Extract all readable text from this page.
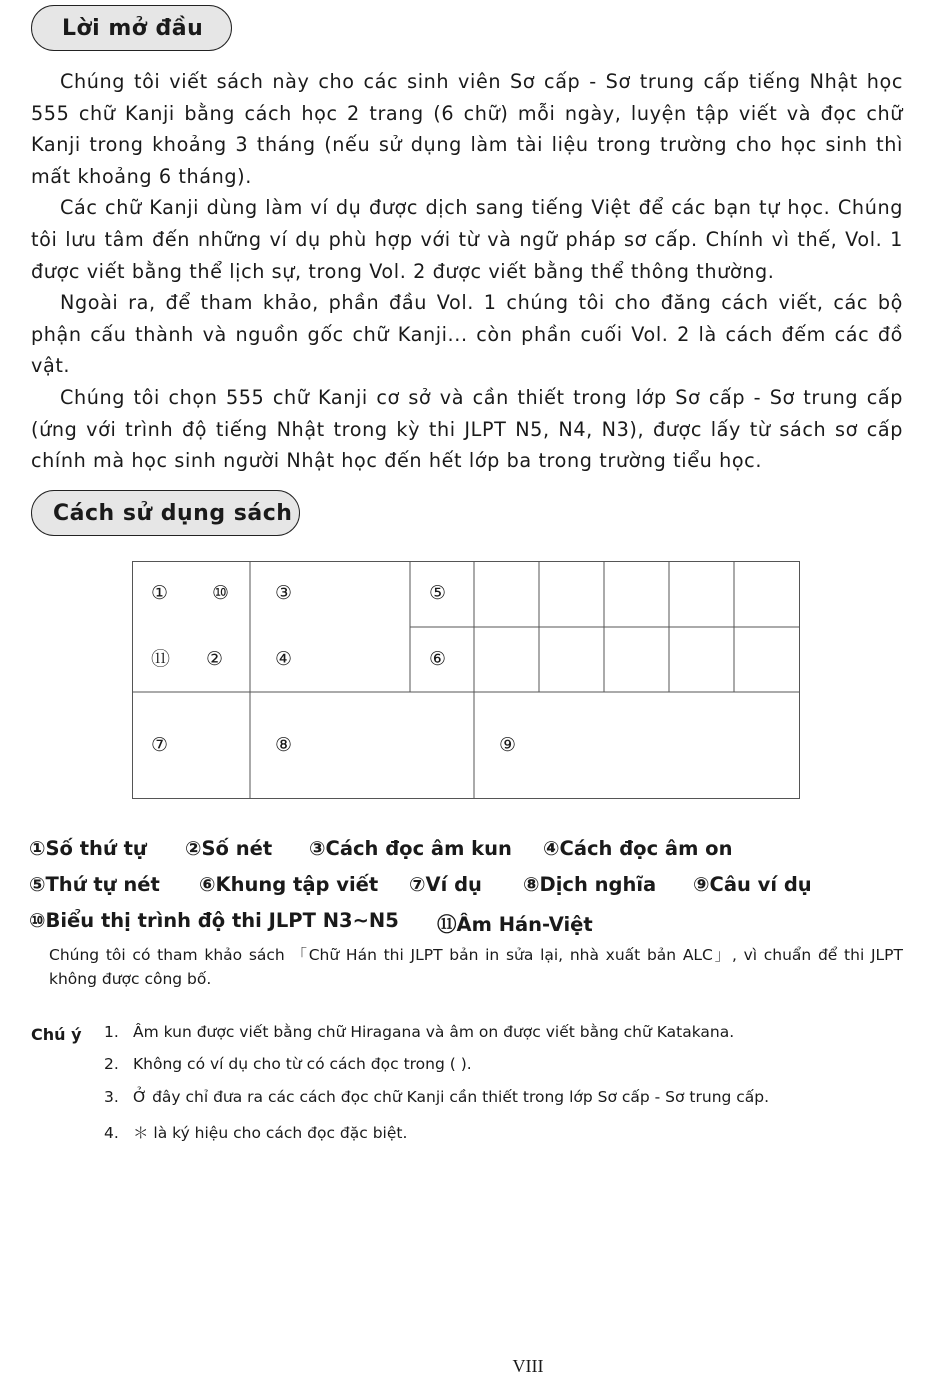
Lời mở đầu

Chúng tôi viết sách này cho các sinh viên Sơ cấp - Sơ trung cấp tiếng Nhật học 555 chữ Kanji bằng cách học 2 trang (6 chữ) mỗi ngày, luyện tập viết và đọc chữ Kanji trong khoảng 3 tháng (nếu sử dụng làm tài liệu trong trường cho học sinh thì mất khoảng 6 tháng).

Các chữ Kanji dùng làm ví dụ được dịch sang tiếng Việt để các bạn tự học. Chúng tôi lưu tâm đến những ví dụ phù hợp với từ và ngữ pháp sơ cấp. Chính vì thế, Vol. 1 được viết bằng thể lịch sự, trong Vol. 2 được viết bằng thể thông thường.

Ngoài ra, để tham khảo, phần đầu Vol. 1 chúng tôi cho đăng cách viết, các bộ phận cấu thành và nguồn gốc chữ Kanji... còn phần cuối Vol. 2 là cách đếm các đồ vật.

Chúng tôi chọn 555 chữ Kanji cơ sở và cần thiết trong lớp Sơ cấp - Sơ trung cấp (ứng với trình độ tiếng Nhật trong kỳ thi JLPT N5, N4, N3), được lấy từ sách sơ cấp chính mà học sinh người Nhật học đến hết lớp ba trong trường tiểu học.

Cách sử dụng sách
① ⑩ ③	⑤
⑪ ②	④	⑥
⑦	⑧	⑨
①Số thứ tự ②Số nét ③Cách đọc âm kun ④Cách đọc âm on
⑤Thứ tự nét ⑥Khung tập viết ⑦Ví dụ ⑧Dịch nghĩa ⑨Câu ví dụ
⑩Biểu thị trình độ thi JLPT N3~N5 ⑪Âm Hán-Việt
Chúng tôi có tham khảo sách 「Chữ Hán thi JLPT bản in sửa lại, nhà xuất bản ALC」, vì chuẩn để thi JLPT không được công bố.
Chú ý 1. Âm kun được viết bằng chữ Hiragana và âm on được viết bằng chữ Katakana.
2. Không có ví dụ cho từ có cách đọc trong ( ).
3. Ở đây chỉ đưa ra các cách đọc chữ Kanji cần thiết trong lớp Sơ cấp - Sơ trung cấp.
4. ＊ là ký hiệu cho cách đọc đặc biệt.
VIII
